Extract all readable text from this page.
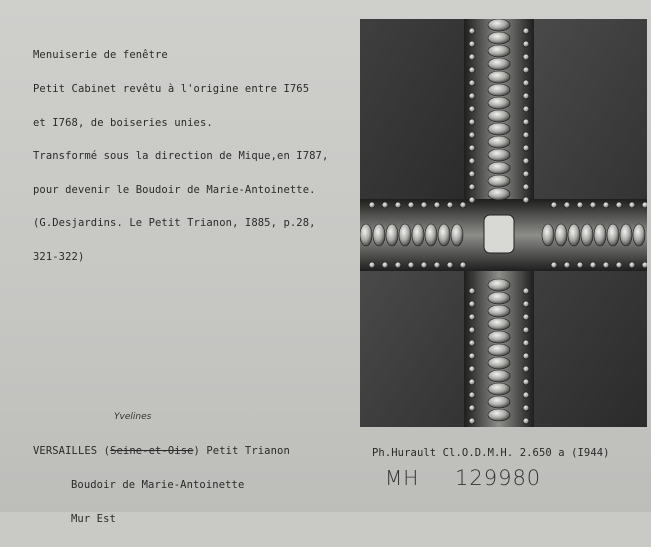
Menuiserie de fenêtre

Petit Cabinet revêtu à l'origine entre I765

et I768, de boiseries unies.

Transformé sous la direction de Mique,en I787,

pour devenir le Boudoir de Marie-Antoinette.

(G.Desjardins. Le Petit Trianon, I885, p.28,

321-322)

VERSAILLES (Seine-et-Oise) Petit Trianon

Boudoir de Marie-Antoinette

Mur Est

Yvelines
Ph.Hurault Cl.O.D.M.H. 2.650 a (I944)
MH 129980
